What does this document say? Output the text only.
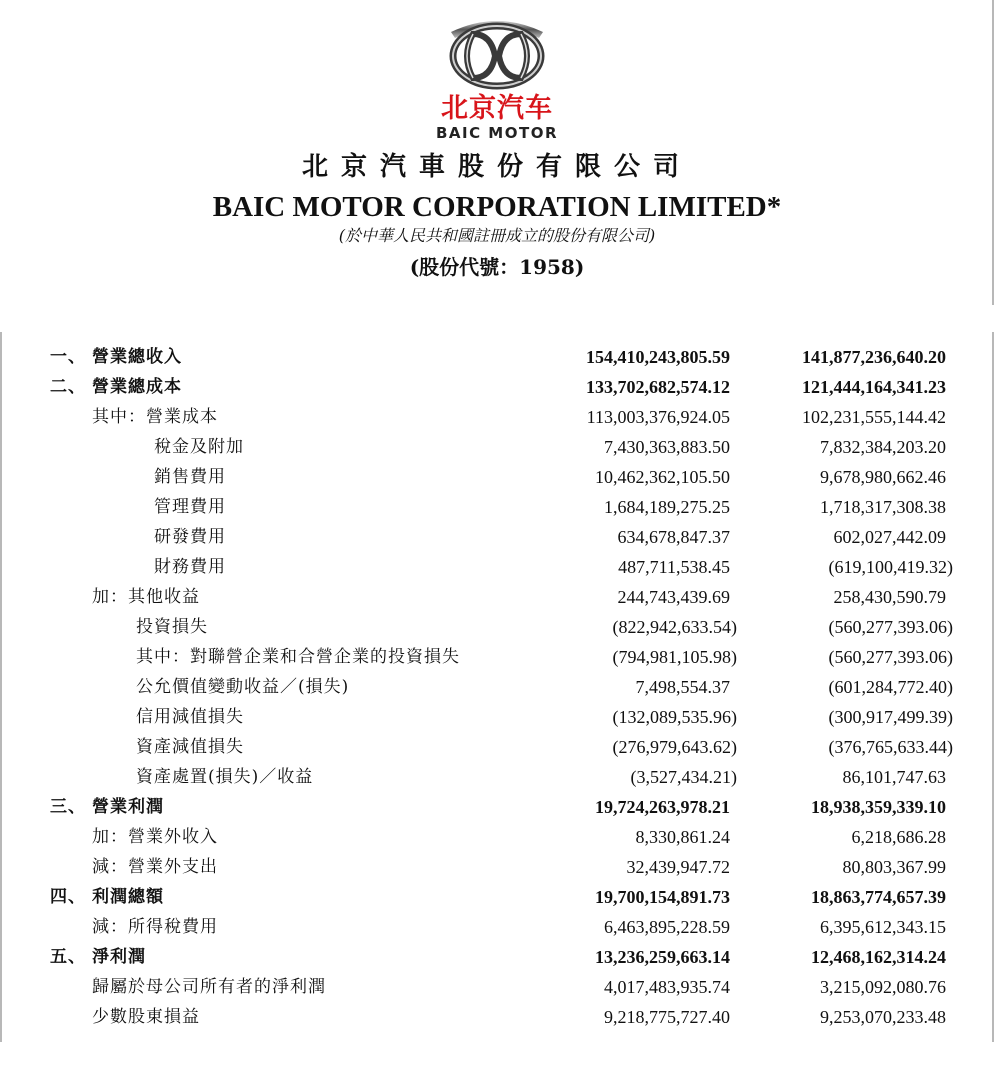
北京汽车
BAIC MOTOR
北京汽車股份有限公司
BAIC MOTOR CORPORATION LIMITED*
(於中華人民共和國註冊成立的股份有限公司)
(股份代號：1958)
一、 營業總收入	154,410,243,805.59	141,877,236,640.20
二、 營業總成本	133,702,682,574.12	121,444,164,341.23
其中：營業成本	113,003,376,924.05	102,231,555,144.42
稅金及附加	7,430,363,883.50	7,832,384,203.20
銷售費用	10,462,362,105.50	9,678,980,662.46
管理費用	1,684,189,275.25	1,718,317,308.38
研發費用	634,678,847.37	602,027,442.09
財務費用	487,711,538.45	(619,100,419.32)
加：其他收益	244,743,439.69	258,430,590.79
投資損失	(822,942,633.54)	(560,277,393.06)
其中：對聯營企業和合營企業的投資損失	(794,981,105.98)	(560,277,393.06)
公允價值變動收益／(損失)	7,498,554.37	(601,284,772.40)
信用減值損失	(132,089,535.96)	(300,917,499.39)
資產減值損失	(276,979,643.62)	(376,765,633.44)
資產處置(損失)／收益	(3,527,434.21)	86,101,747.63
三、 營業利潤	19,724,263,978.21	18,938,359,339.10
加：營業外收入	8,330,861.24	6,218,686.28
減：營業外支出	32,439,947.72	80,803,367.99
四、 利潤總額	19,700,154,891.73	18,863,774,657.39
減：所得稅費用	6,463,895,228.59	6,395,612,343.15
五、 淨利潤	13,236,259,663.14	12,468,162,314.24
歸屬於母公司所有者的淨利潤	4,017,483,935.74	3,215,092,080.76
少數股東損益	9,218,775,727.40	9,253,070,233.48
